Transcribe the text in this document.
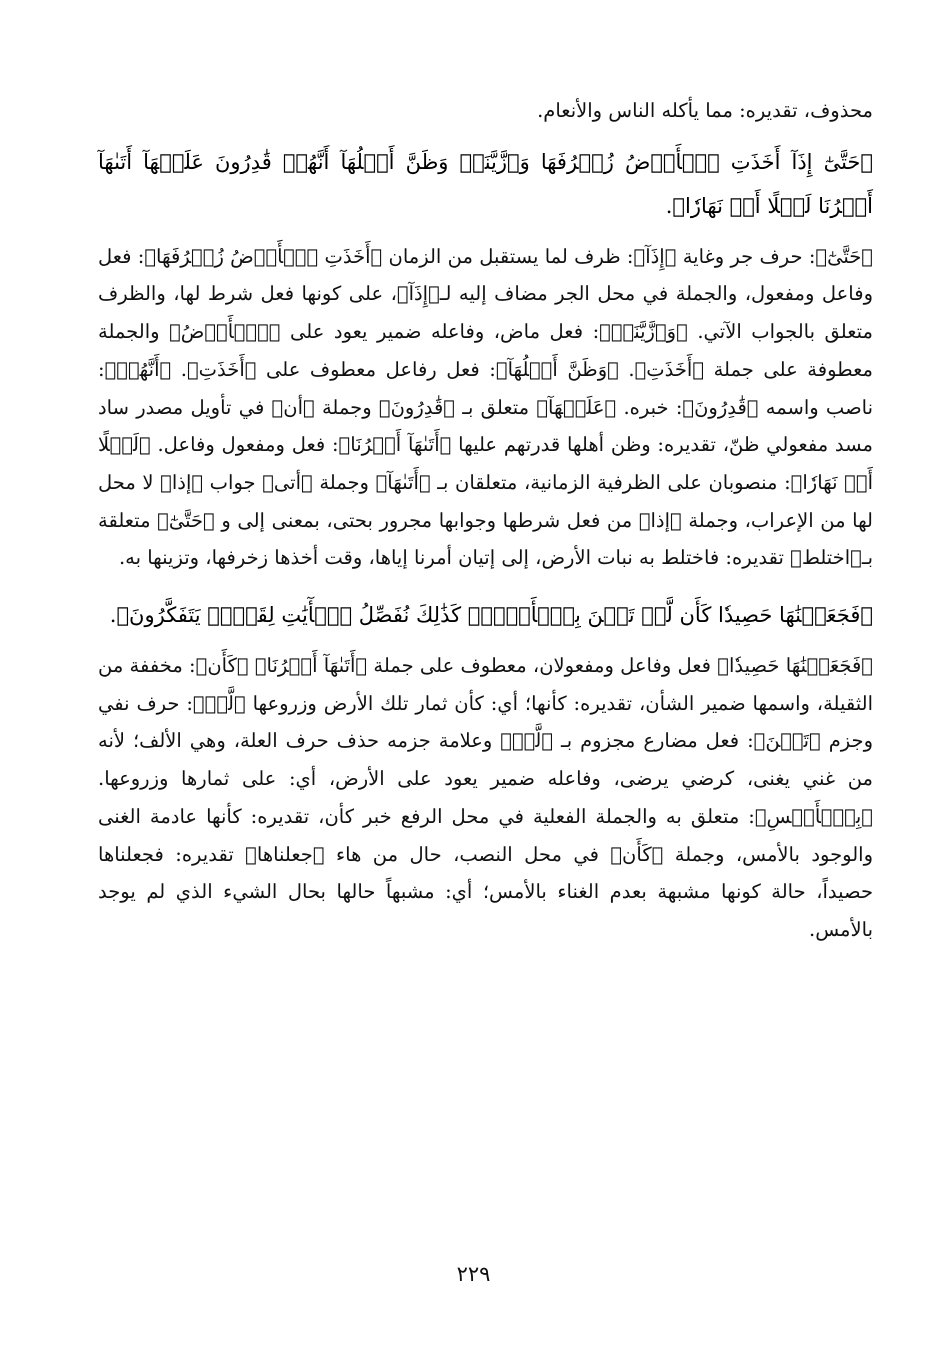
محذوف، تقديره: مما يأكله الناس والأنعام.

﴿حَتَّىٰٓ إِذَآ أَخَذَتِ ٱلۡأَرۡضُ زُخۡرُفَهَا وَٱزَّيَّنَتۡ وَظَنَّ أَهۡلُهَآ أَنَّهُمۡ قَٰدِرُونَ عَلَيۡهَآ أَتَىٰهَآ أَمۡرُنَا لَيۡلًا أَوۡ نَهَارٗا﴾.

﴿حَتَّىٰٓ﴾: حرف جر وغاية ﴿إِذَآ﴾: ظرف لما يستقبل من الزمان ﴿أَخَذَتِ ٱلۡأَرۡضُ زُخۡرُفَهَا﴾: فعل وفاعل ومفعول، والجملة في محل الجر مضاف إليه لـ﴿إِذَآ﴾، على كونها فعل شرط لها، والظرف متعلق بالجواب الآتي. ﴿وَٱزَّيَّنَتۡ﴾: فعل ماض، وفاعله ضمير يعود على ﴿ٱلۡأَرۡضُ﴾ والجملة معطوفة على جملة ﴿أَخَذَتِ﴾. ﴿وَظَنَّ أَهۡلُهَآ﴾: فعل رفاعل معطوف على ﴿أَخَذَتِ﴾. ﴿أَنَّهُمۡ﴾: ناصب واسمه ﴿قَٰدِرُونَ﴾: خبره. ﴿عَلَيۡهَآ﴾ متعلق بـ ﴿قَٰدِرُونَ﴾ وجملة ﴿أن﴾ في تأويل مصدر ساد مسد مفعولي ظنّ، تقديره: وظن أهلها قدرتهم عليها ﴿أَتَىٰهَآ أَمۡرُنَا﴾: فعل ومفعول وفاعل. ﴿لَيۡلًا أَوۡ نَهَارٗا﴾: منصوبان على الظرفية الزمانية، متعلقان بـ ﴿أَتَىٰهَآ﴾ وجملة ﴿أتى﴾ جواب ﴿إذا﴾ لا محل لها من الإعراب، وجملة ﴿إذا﴾ من فعل شرطها وجوابها مجرور بحتى، بمعنى إلى و ﴿حَتَّىٰٓ﴾ متعلقة بـ﴿اختلط﴾ تقديره: فاختلط به نبات الأرض، إلى إتيان أمرنا إياها، وقت أخذها زخرفها، وتزينها به.

﴿فَجَعَلۡنَٰهَا حَصِيدٗا كَأَن لَّمۡ تَغۡنَ بِٱلۡأَمۡسِۚ كَذَٰلِكَ نُفَصِّلُ ٱلۡأٓيَٰتِ لِقَوۡمٖ يَتَفَكَّرُونَ﴾.

﴿فَجَعَلۡنَٰهَا حَصِيدٗا﴾ فعل وفاعل ومفعولان، معطوف على جملة ﴿أَتَىٰهَآ أَمۡرُنَا﴾ ﴿كَأَن﴾: مخففة من الثقيلة، واسمها ضمير الشأن، تقديره: كأنها؛ أي: كأن ثمار تلك الأرض وزروعها ﴿لَّمۡ﴾: حرف نفي وجزم ﴿تَغۡنَ﴾: فعل مضارع مجزوم بـ ﴿لَّمۡ﴾ وعلامة جزمه حذف حرف العلة، وهي الألف؛ لأنه من غني يغنى، كرضي يرضى، وفاعله ضمير يعود على الأرض، أي: على ثمارها وزروعها. ﴿بِٱلۡأَمۡسِ﴾: متعلق به والجملة الفعلية في محل الرفع خبر كأن، تقديره: كأنها عادمة الغنى والوجود بالأمس، وجملة ﴿كَأَن﴾ في محل النصب، حال من هاء ﴿جعلناها﴾ تقديره: فجعلناها حصيداً، حالة كونها مشبهة بعدم الغناء بالأمس؛ أي: مشبهاً حالها بحال الشيء الذي لم يوجد بالأمس.

٢٢٩
